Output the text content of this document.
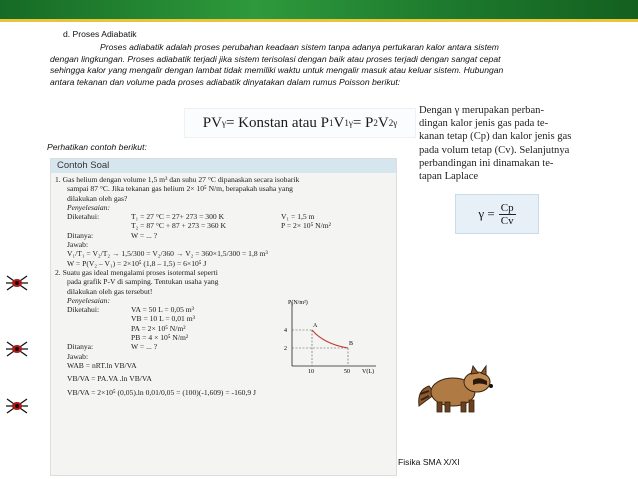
d. Proses Adiabatik
Proses adiabatik adalah proses perubahan keadaan sistem tanpa adanya pertukaran kalor antara sistem
dengan lingkungan. Proses adiabatik terjadi jika sistem terisolasi dengan baik atau proses terjadi dengan sangat cepat
sehingga kalor yang mengalir dengan lambat tidak memiliki waktu untuk mengalir masuk atau keluar sistem. Hubungan
antara tekanan dan volume pada proses adiabatik dinyatakan dalam rumus Poisson berikut:
PV γ = Konstan atau P 1 V 1 γ = P 2 V 2 γ
Dengan γ merupakan perban-
dingan kalor jenis gas pada te-
kanan tetap (Cp) dan kalor jenis gas
pada volum tetap (Cv). Selanjutnya
perbandingan ini dinamakan te-
tapan Laplace
$\gamma = \frac{Cp}{Cv}$
Perhatikan contoh berikut:
Contoh Soal

1. Gas helium dengan volume 1,5 m³ dan suhu 27 °C dipanaskan secara isobarik

sampai 87 °C. Jika tekanan gas helium 2× 10⁵ N/m, berapakah usaha yang

dilakukan oleh gas?

Penyelesaian:

Diketahui:	T₁ = 27 °C = 27+ 273 = 300 K	V₁ = 1,5 m
T₂ = 87 °C + 87 + 273 = 360 K	P = 2× 10⁵ N/m²
Ditanya:	W = ... ?

Jawab:

V₁/T₁ = V₂/T₂ → 1,5/300 = V₂/360 → V₂ = 360×1,5/300 = 1,8 m³

W = P(V₂ – V₁) = 2×10⁵ (1,8 – 1,5) = 6×10⁵ J

2. Suatu gas ideal mengalami proses isotermal seperti

pada grafik P-V di samping. Tentukan usaha yang

dilakukan oleh gas tersebut!

Penyelesaian:

Diketahui:	VA = 50 L = 0,05 m³
VB = 10 L = 0,01 m³
PA = 2× 10⁵ N/m²
PB = 4 × 10⁵ N/m²
Ditanya:	W = ... ?

Jawab:

WAB = nRT.ln VB/VA

VB/VA = PA.VA .ln VB/VA

VB/VA = 2×10⁵ (0,05).ln 0,01/0,05 = (100)(-1,609) = -160,9 J

P(N/m²)
V(L)
4
2
10	50
A
B
Fisika SMA X/XI
